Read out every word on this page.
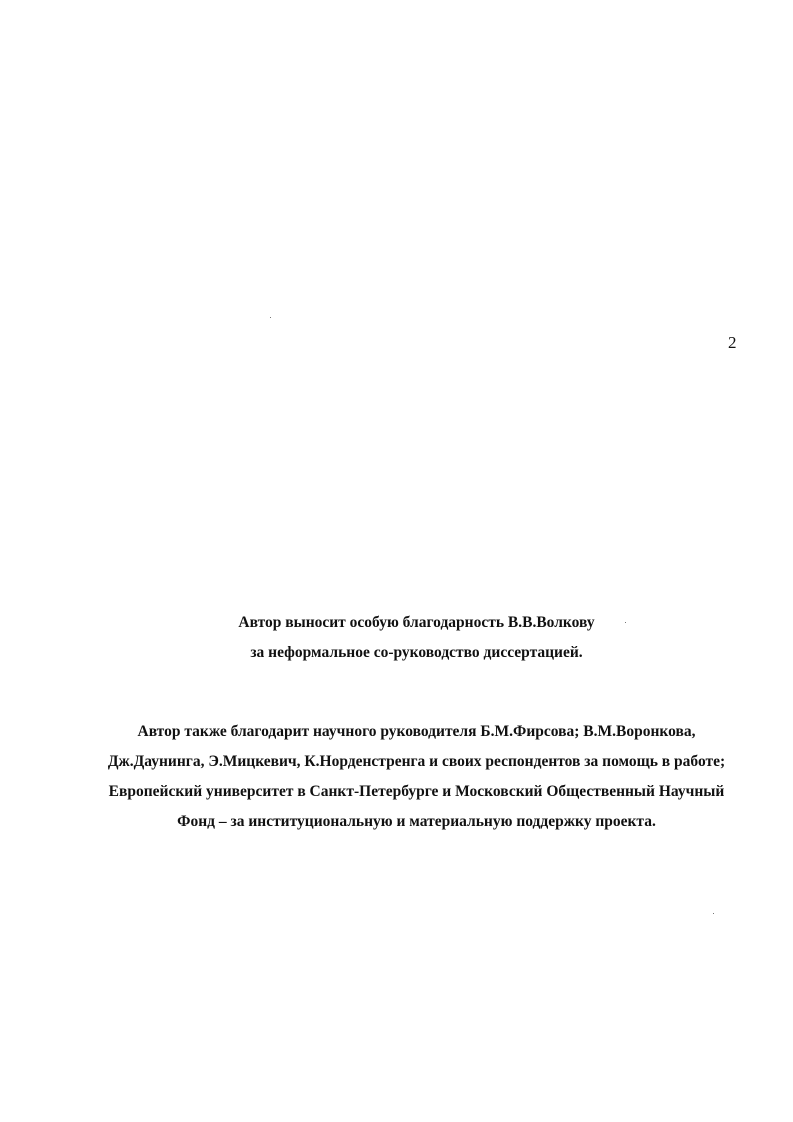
2
Автор выносит особую благодарность В.В.Волкову
за неформальное со-руководство диссертацией.
Автор также благодарит научного руководителя Б.М.Фирсова; В.М.Воронкова,
Дж.Даунинга, Э.Мицкевич, К.Норденстренга и своих респондентов за помощь в работе;
Европейский университет в Санкт-Петербурге и Московский Общественный Научный
Фонд – за институциональную и материальную поддержку проекта.
